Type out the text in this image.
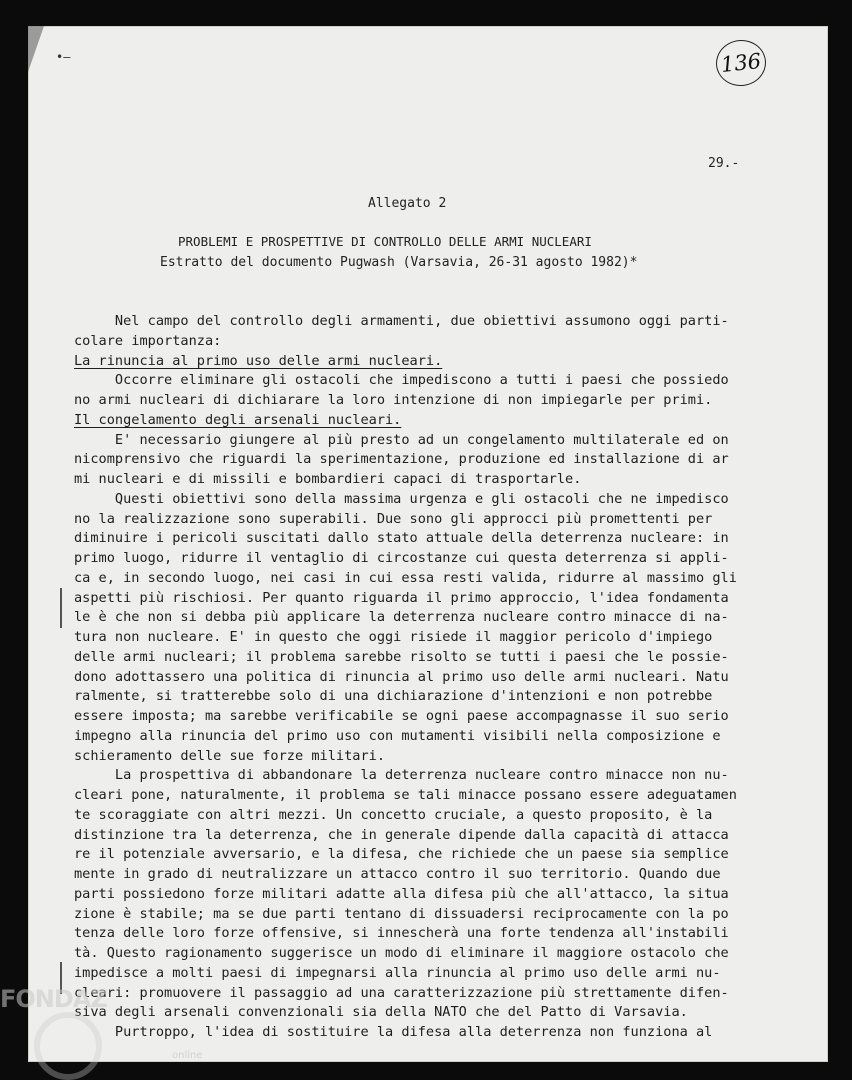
•–	136
29.-
Allegato 2
PROBLEMI E PROSPETTIVE DI CONTROLLO DELLE ARMI NUCLEARI
Estratto del documento Pugwash (Varsavia, 26-31 agosto 1982)*
Nel campo del controllo degli armamenti, due obiettivi assumono oggi parti-
colare importanza:
La rinuncia al primo uso delle armi nucleari.
Occorre eliminare gli ostacoli che impediscono a tutti i paesi che possiedo
no armi nucleari di dichiarare la loro intenzione di non impiegarle per primi.
Il congelamento degli arsenali nucleari.
E' necessario giungere al più presto ad un congelamento multilaterale ed on
nicomprensivo che riguardi la sperimentazione, produzione ed installazione di ar
mi nucleari e di missili e bombardieri capaci di trasportarle.
Questi obiettivi sono della massima urgenza e gli ostacoli che ne impedisco
no la realizzazione sono superabili. Due sono gli approcci più promettenti per
diminuire i pericoli suscitati dallo stato attuale della deterrenza nucleare: in
primo luogo, ridurre il ventaglio di circostanze cui questa deterrenza si appli-
ca e, in secondo luogo, nei casi in cui essa resti valida, ridurre al massimo gli
aspetti più rischiosi. Per quanto riguarda il primo approccio, l'idea fondamenta
le è che non si debba più applicare la deterrenza nucleare contro minacce di na-
tura non nucleare. E' in questo che oggi risiede il maggior pericolo d'impiego
delle armi nucleari; il problema sarebbe risolto se tutti i paesi che le possie-
dono adottassero una politica di rinuncia al primo uso delle armi nucleari. Natu
ralmente, si tratterebbe solo di una dichiarazione d'intenzioni e non potrebbe
essere imposta; ma sarebbe verificabile se ogni paese accompagnasse il suo serio
impegno alla rinuncia del primo uso con mutamenti visibili nella composizione e
schieramento delle sue forze militari.
La prospettiva di abbandonare la deterrenza nucleare contro minacce non nu-
cleari pone, naturalmente, il problema se tali minacce possano essere adeguatamen
te scoraggiate con altri mezzi. Un concetto cruciale, a questo proposito, è la
distinzione tra la deterrenza, che in generale dipende dalla capacità di attacca
re il potenziale avversario, e la difesa, che richiede che un paese sia semplice
mente in grado di neutralizzare un attacco contro il suo territorio. Quando due
parti possiedono forze militari adatte alla difesa più che all'attacco, la situa
zione è stabile; ma se due parti tentano di dissuadersi reciprocamente con la po
tenza delle loro forze offensive, si innescherà una forte tendenza all'instabili
tà. Questo ragionamento suggerisce un modo di eliminare il maggiore ostacolo che
impedisce a molti paesi di impegnarsi alla rinuncia al primo uso delle armi nu-
cleari: promuovere il passaggio ad una caratterizzazione più strettamente difen-
siva degli arsenali convenzionali sia della NATO che del Patto di Varsavia.
Purtroppo, l'idea di sostituire la difesa alla deterrenza non funziona al
FONDAZ
online
